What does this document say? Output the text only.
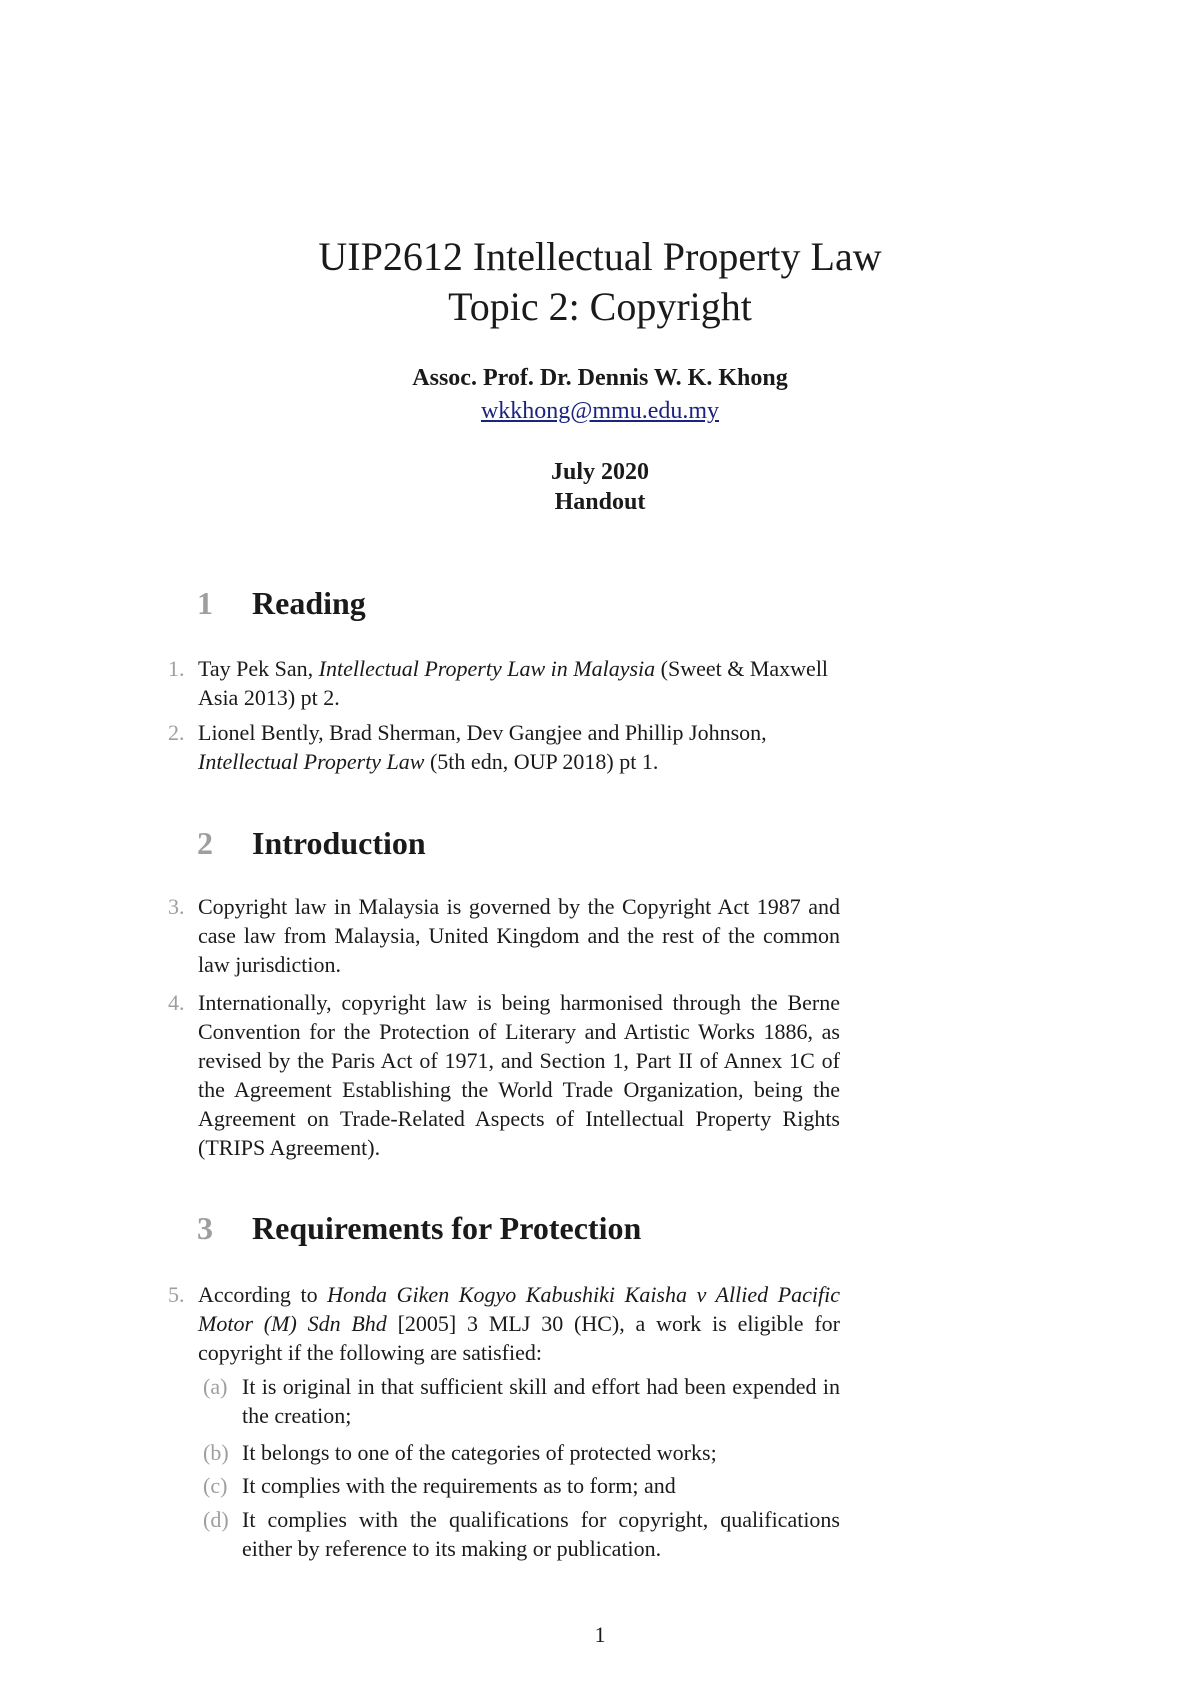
UIP2612 Intellectual Property Law
Topic 2: Copyright
Assoc. Prof. Dr. Dennis W. K. Khong
wkkhong@mmu.edu.my
July 2020
Handout
1 Reading
1. Tay Pek San, Intellectual Property Law in Malaysia (Sweet & Maxwell Asia 2013) pt 2.
2. Lionel Bently, Brad Sherman, Dev Gangjee and Phillip Johnson, Intellectual Property Law (5th edn, OUP 2018) pt 1.
2 Introduction
3. Copyright law in Malaysia is governed by the Copyright Act 1987 and case law from Malaysia, United Kingdom and the rest of the common law jurisdiction.
4. Internationally, copyright law is being harmonised through the Berne Convention for the Protection of Literary and Artistic Works 1886, as revised by the Paris Act of 1971, and Section 1, Part II of Annex 1C of the Agreement Establishing the World Trade Organization, being the Agreement on Trade-Related Aspects of Intellectual Property Rights (TRIPS Agreement).
3 Requirements for Protection
5. According to Honda Giken Kogyo Kabushiki Kaisha v Allied Pacific Motor (M) Sdn Bhd [2005] 3 MLJ 30 (HC), a work is eligible for copyright if the following are satisfied:
(a) It is original in that sufficient skill and effort had been expended in the creation;
(b) It belongs to one of the categories of protected works;
(c) It complies with the requirements as to form; and
(d) It complies with the qualifications for copyright, qualifications either by reference to its making or publication.
1
